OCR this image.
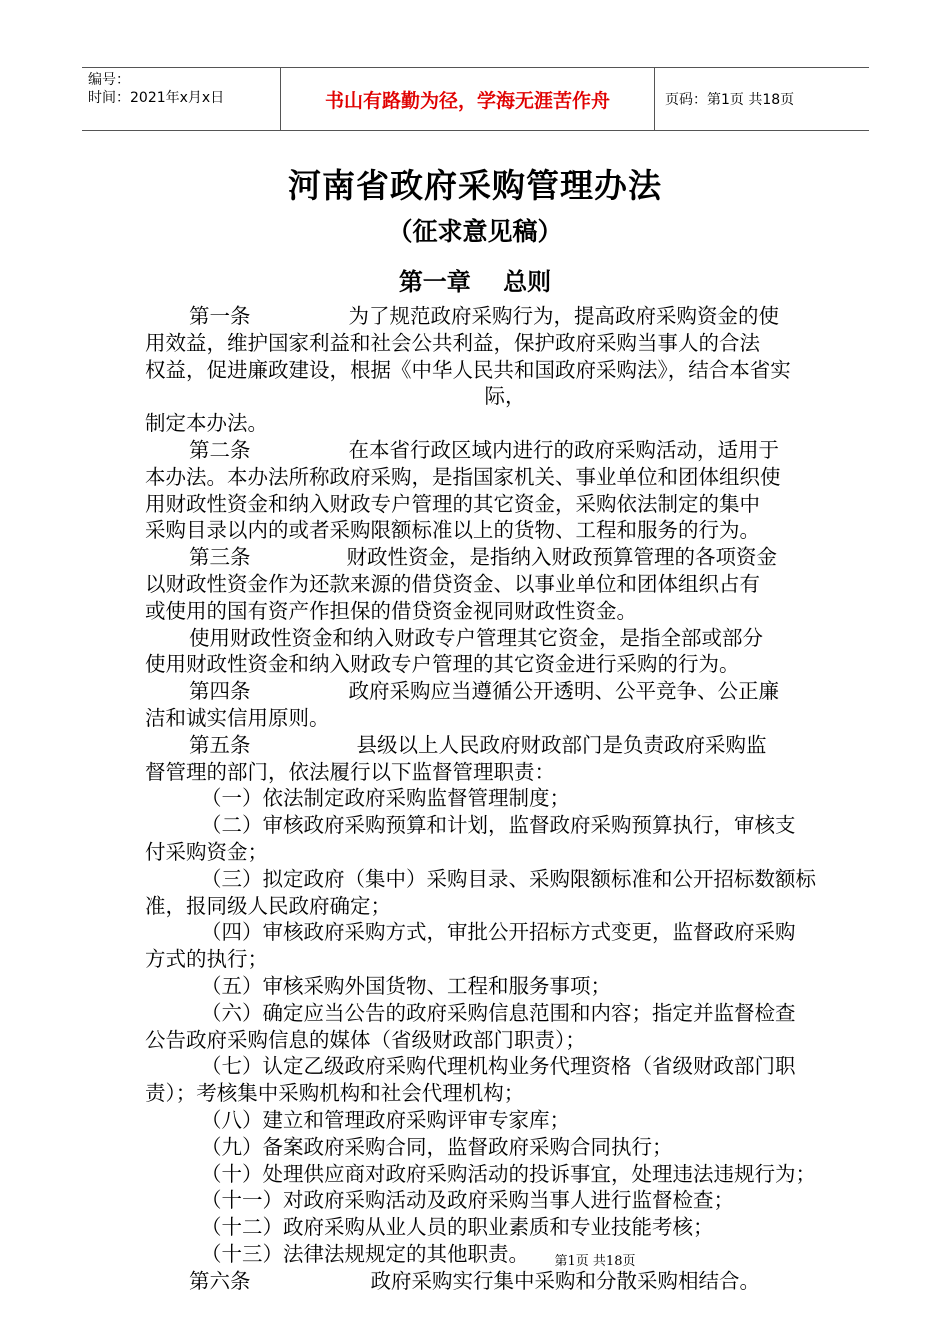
编号：
时间：2021年x月x日	书山有路勤为径，学海无涯苦作舟	页码：第1页 共18页
河南省政府采购管理办法
（征求意见稿）
第一章　 总则
第一条	为了规范政府采购行为，提高政府采购资金的使
用效益，维护国家利益和社会公共利益，保护政府采购当事人的合法
权益，促进廉政建设，根据《中华人民共和国政府采购法》，结合本省实
际，
制定本办法。
第二条	在本省行政区域内进行的政府采购活动，适用于
本办法。本办法所称政府采购，是指国家机关、事业单位和团体组织使
用财政性资金和纳入财政专户管理的其它资金，采购依法制定的集中
采购目录以内的或者采购限额标准以上的货物、工程和服务的行为。
第三条	财政性资金，是指纳入财政预算管理的各项资金
以财政性资金作为还款来源的借贷资金、以事业单位和团体组织占有
或使用的国有资产作担保的借贷资金视同财政性资金。
使用财政性资金和纳入财政专户管理其它资金，是指全部或部分
使用财政性资金和纳入财政专户管理的其它资金进行采购的行为。
第四条	政府采购应当遵循公开透明、公平竞争、公正廉
洁和诚实信用原则。
第五条	县级以上人民政府财政部门是负责政府采购监
督管理的部门，依法履行以下监督管理职责：
（一）依法制定政府采购监督管理制度；
（二）审核政府采购预算和计划，监督政府采购预算执行，审核支
付采购资金；
（三）拟定政府（集中）采购目录、采购限额标准和公开招标数额标
准，报同级人民政府确定；
（四）审核政府采购方式，审批公开招标方式变更，监督政府采购
方式的执行；
（五）审核采购外国货物、工程和服务事项；
（六）确定应当公告的政府采购信息范围和内容；指定并监督检查
公告政府采购信息的媒体（省级财政部门职责）；
（七）认定乙级政府采购代理机构业务代理资格（省级财政部门职
责）；考核集中采购机构和社会代理机构；
（八）建立和管理政府采购评审专家库；
（九）备案政府采购合同，监督政府采购合同执行；
（十）处理供应商对政府采购活动的投诉事宜，处理违法违规行为；
（十一）对政府采购活动及政府采购当事人进行监督检查；
（十二）政府采购从业人员的职业素质和专业技能考核；
（十三）法律法规规定的其他职责。
第六条	政府采购实行集中采购和分散采购相结合。
第1页 共18页
